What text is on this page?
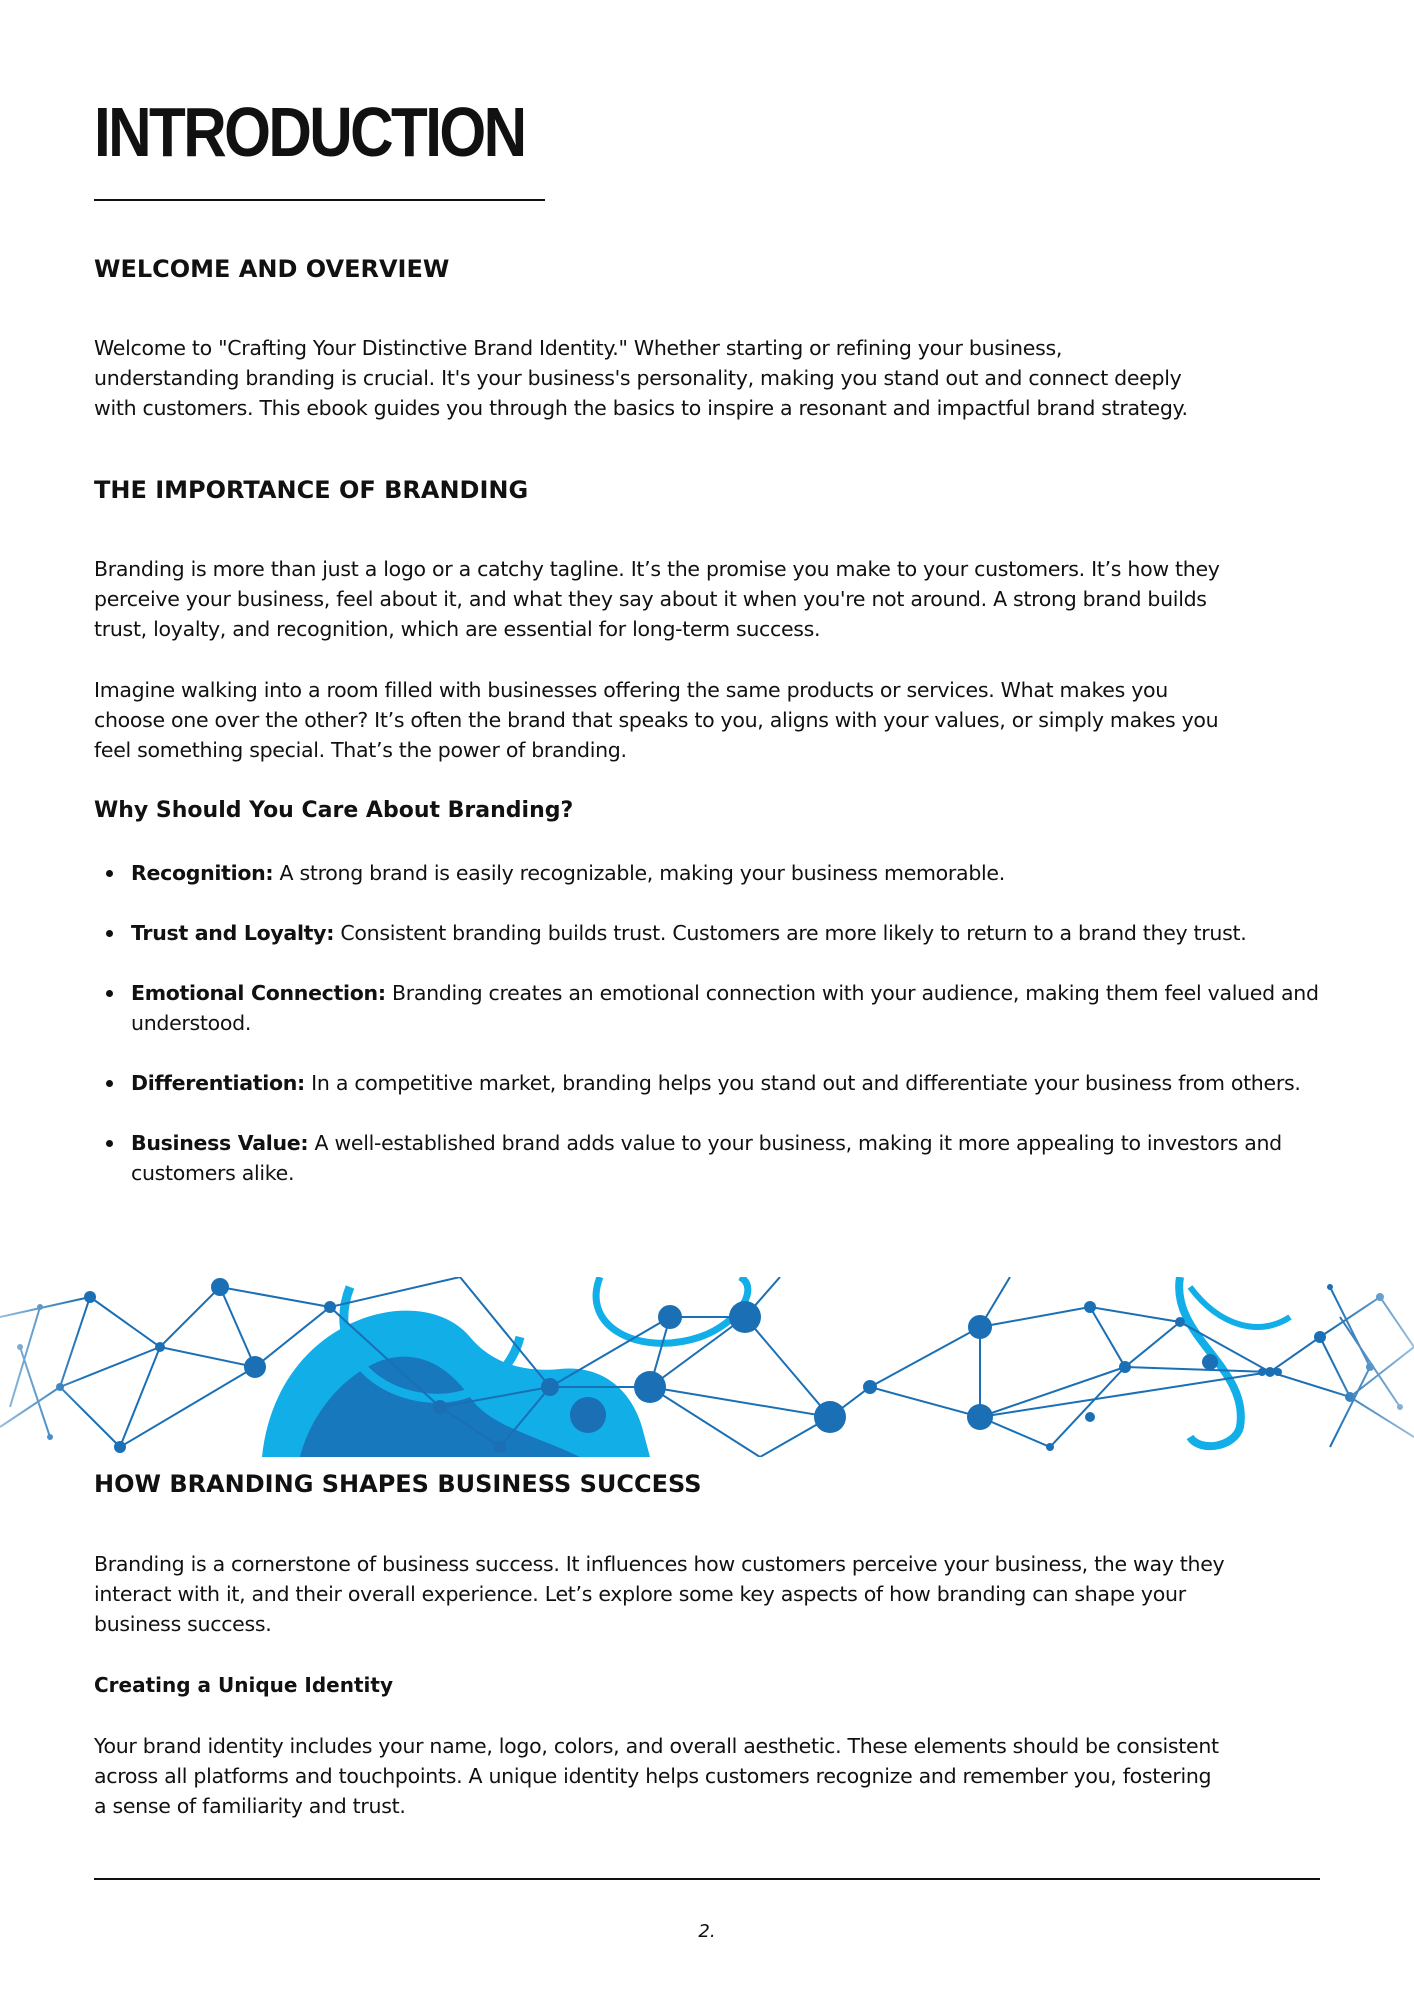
INTRODUCTION
WELCOME AND OVERVIEW
Welcome to "Crafting Your Distinctive Brand Identity." Whether starting or refining your business,
understanding branding is crucial. It's your business's personality, making you stand out and connect deeply
with customers. This ebook guides you through the basics to inspire a resonant and impactful brand strategy.
THE IMPORTANCE OF BRANDING
Branding is more than just a logo or a catchy tagline. It’s the promise you make to your customers. It’s how they
perceive your business, feel about it, and what they say about it when you're not around. A strong brand builds
trust, loyalty, and recognition, which are essential for long-term success.
Imagine walking into a room filled with businesses offering the same products or services. What makes you
choose one over the other? It’s often the brand that speaks to you, aligns with your values, or simply makes you
feel something special. That’s the power of branding.
Why Should You Care About Branding?
Recognition: A strong brand is easily recognizable, making your business memorable.
Trust and Loyalty: Consistent branding builds trust. Customers are more likely to return to a brand they trust.
Emotional Connection: Branding creates an emotional connection with your audience, making them feel valued and understood.
Differentiation: In a competitive market, branding helps you stand out and differentiate your business from others.
Business Value: A well-established brand adds value to your business, making it more appealing to investors and customers alike.
HOW BRANDING SHAPES BUSINESS SUCCESS
Branding is a cornerstone of business success. It influences how customers perceive your business, the way they
interact with it, and their overall experience. Let’s explore some key aspects of how branding can shape your
business success.
Creating a Unique Identity
Your brand identity includes your name, logo, colors, and overall aesthetic. These elements should be consistent
across all platforms and touchpoints. A unique identity helps customers recognize and remember you, fostering
a sense of familiarity and trust.
2.
